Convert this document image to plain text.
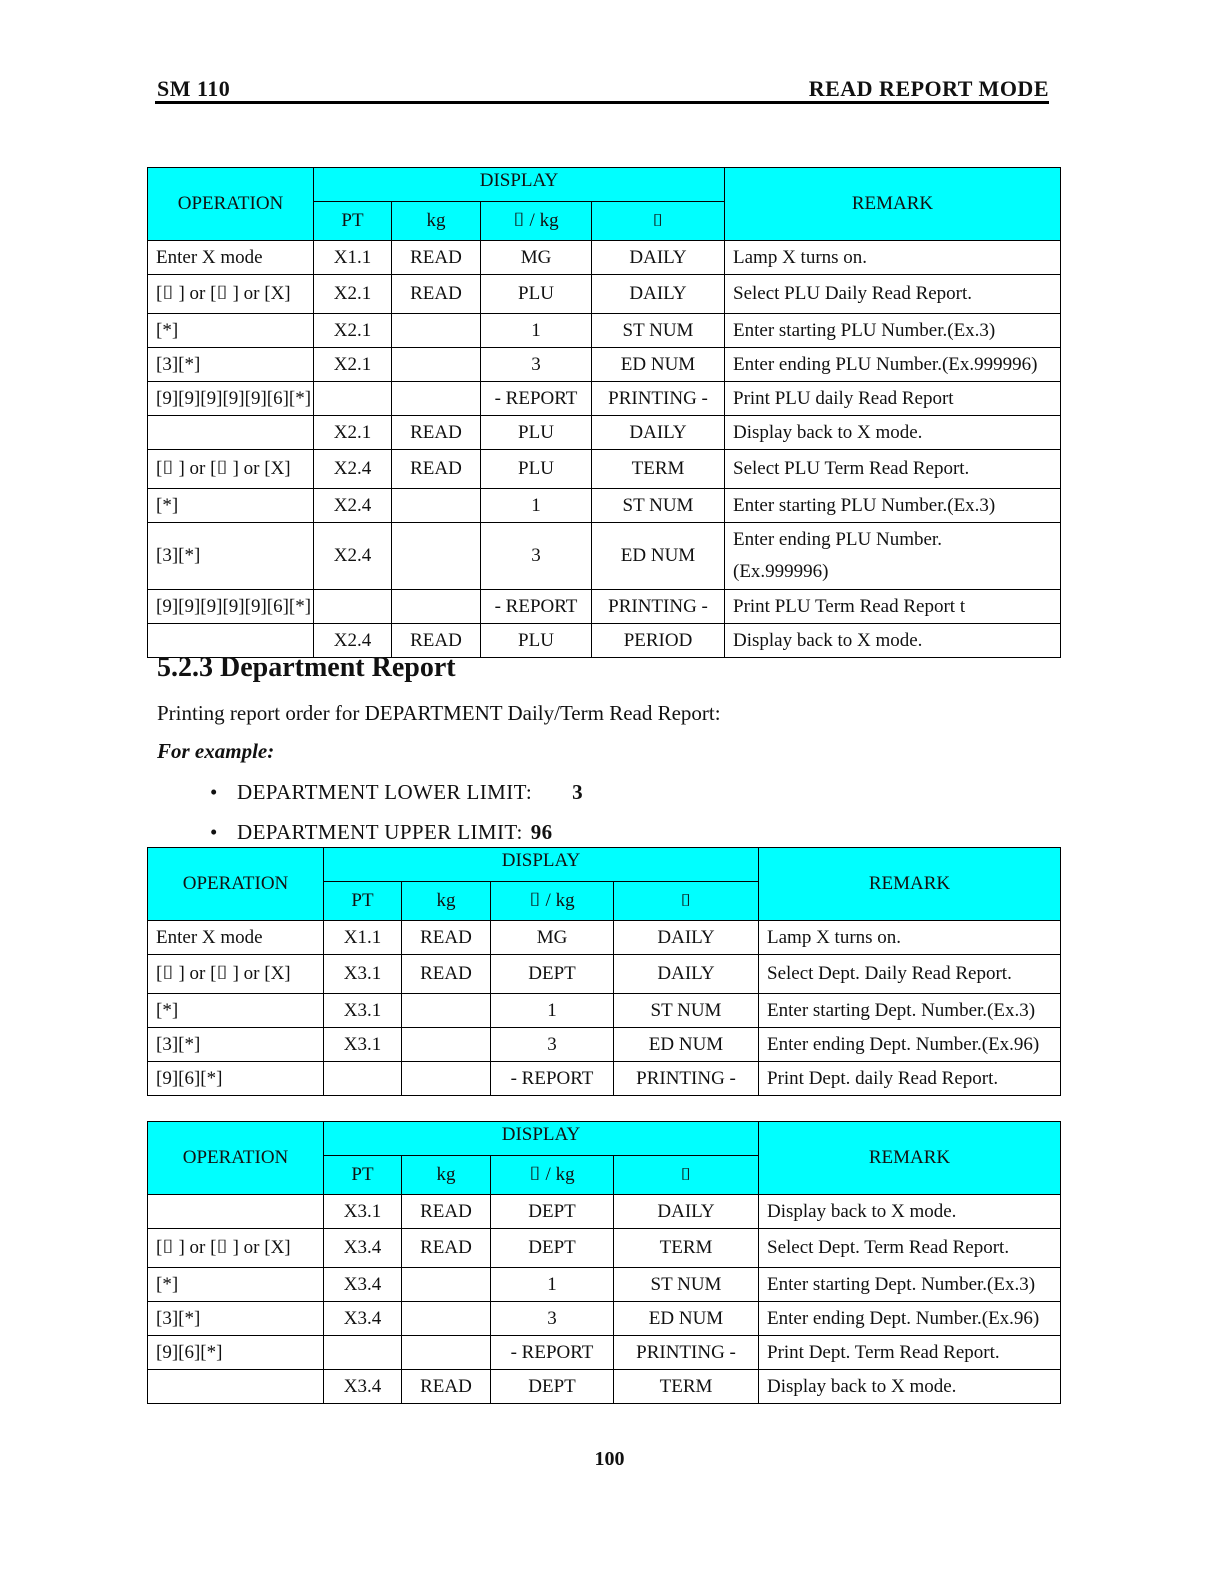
SM 110	READ REPORT MODE
OPERATION	DISPLAY				REMARK
	PT	kg	⌷ / kg	⌷	
Enter X mode	X1.1	READ	MG	DAILY	Lamp X turns on.
[⌷ ] or [⌷ ] or [X]	X2.1	READ	PLU	DAILY	Select PLU Daily Read Report.
[*]	X2.1		1	ST NUM	Enter starting PLU Number.(Ex.3)
[3][*]	X2.1		3	ED NUM	Enter ending PLU Number.(Ex.999996)
[9][9][9][9][9][6][*]			- REPORT	PRINTING -	Print PLU daily Read Report
	X2.1	READ	PLU	DAILY	Display back to X mode.
[⌷ ] or [⌷ ] or [X]	X2.4	READ	PLU	TERM	Select PLU Term Read Report.
[*]	X2.4		1	ST NUM	Enter starting PLU Number.(Ex.3)
[3][*]	X2.4		3	ED NUM	Enter ending PLU Number.
(Ex.999996)

[9][9][9][9][9][6][*]			- REPORT	PRINTING -	Print PLU Term Read Report t
	X2.4	READ	PLU	PERIOD	Display back to X mode.
5.2.3 Department Report

Printing report order for DEPARTMENT Daily/Term Read Report:

For example:

• DEPARTMENT LOWER LIMIT: 3
• DEPARTMENT UPPER LIMIT: 96
OPERATION	DISPLAY				REMARK
	PT	kg	⌷ / kg	⌷	
Enter X mode	X1.1	READ	MG	DAILY	Lamp X turns on.
[⌷ ] or [⌷ ] or [X]	X3.1	READ	DEPT	DAILY	Select Dept. Daily Read Report.
[*]	X3.1		1	ST NUM	Enter starting Dept. Number.(Ex.3)
[3][*]	X3.1		3	ED NUM	Enter ending Dept. Number.(Ex.96)
[9][6][*]			- REPORT	PRINTING -	Print Dept. daily Read Report.
OPERATION	DISPLAY				REMARK
	PT	kg	⌷ / kg	⌷	
	X3.1	READ	DEPT	DAILY	Display back to X mode.
[⌷ ] or [⌷ ] or [X]	X3.4	READ	DEPT	TERM	Select Dept. Term Read Report.
[*]	X3.4		1	ST NUM	Enter starting Dept. Number.(Ex.3)
[3][*]	X3.4		3	ED NUM	Enter ending Dept. Number.(Ex.96)
[9][6][*]			- REPORT	PRINTING -	Print Dept. Term Read Report.
	X3.4	READ	DEPT	TERM	Display back to X mode.
100
